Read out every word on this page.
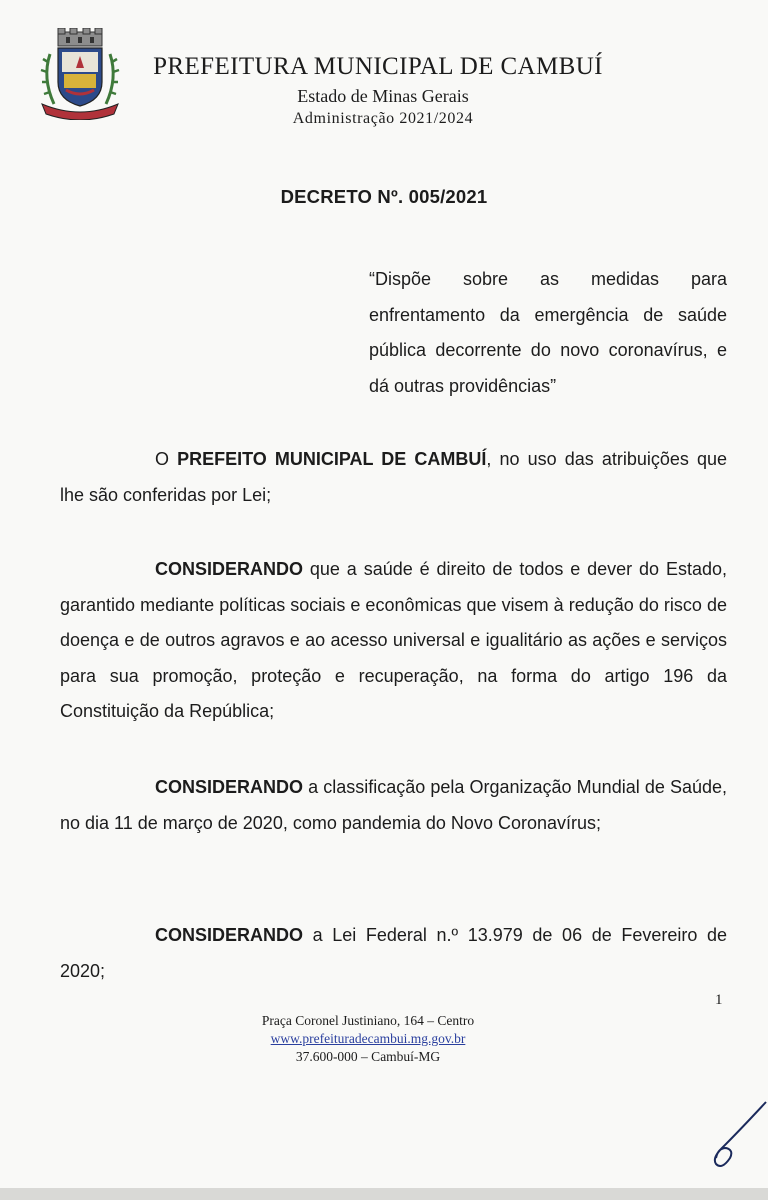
PREFEITURA MUNICIPAL DE CAMBUÍ
Estado de Minas Gerais
Administração 2021/2024
DECRETO Nº. 005/2021
“Dispõe sobre as medidas para enfrentamento da emergência de saúde pública decorrente do novo coronavírus, e dá outras providências”
O PREFEITO MUNICIPAL DE CAMBUÍ, no uso das atribuições que lhe são conferidas por Lei;
CONSIDERANDO que a saúde é direito de todos e dever do Estado, garantido mediante políticas sociais e econômicas que visem à redução do risco de doença e de outros agravos e ao acesso universal e igualitário as ações e serviços para sua promoção, proteção e recuperação, na forma do artigo 196 da Constituição da República;
CONSIDERANDO a classificação pela Organização Mundial de Saúde, no dia 11 de março de 2020, como pandemia do Novo Coronavírus;
CONSIDERANDO a Lei Federal n.º 13.979 de 06 de Fevereiro de 2020;
1
Praça Coronel Justiniano, 164 – Centro
www.prefeituradecambui.mg.gov.br
37.600-000 – Cambuí-MG
